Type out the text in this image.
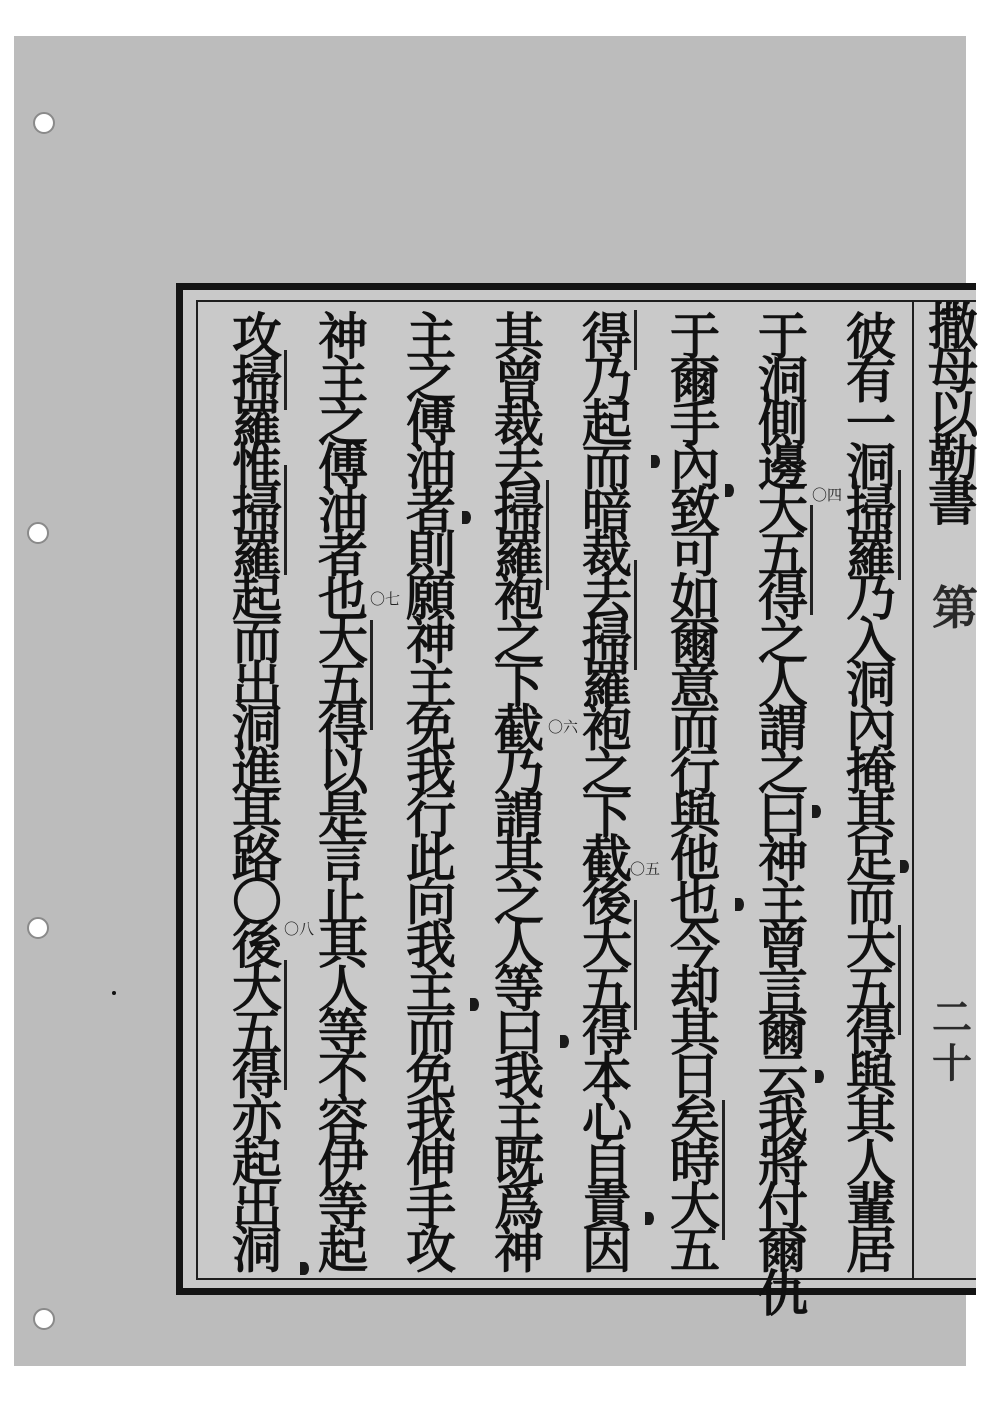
撒母以勒書
第
二十
彼有一洞掃羅乃入洞內掩其足而大五得與其人輩居
于洞側邊大五得之人謂之曰神主曾言爾云我將付爾仇
于爾手內致可如爾意而行與他也今却其日矣時大五
得乃起而暗裁去掃羅袍之下截後大五得本心自責因
其曾裁去掃羅袍之下截乃謂其之人等曰我主既爲神
主之傅油者則願神主免我行此向我主而免我伸手攻
神主之傅油者也大五得以是言止其人等不容伊等起
攻掃羅惟掃羅起而出洞進其路〇後大五得亦起出洞	〇四
〇五
〇六
〇七
〇八
